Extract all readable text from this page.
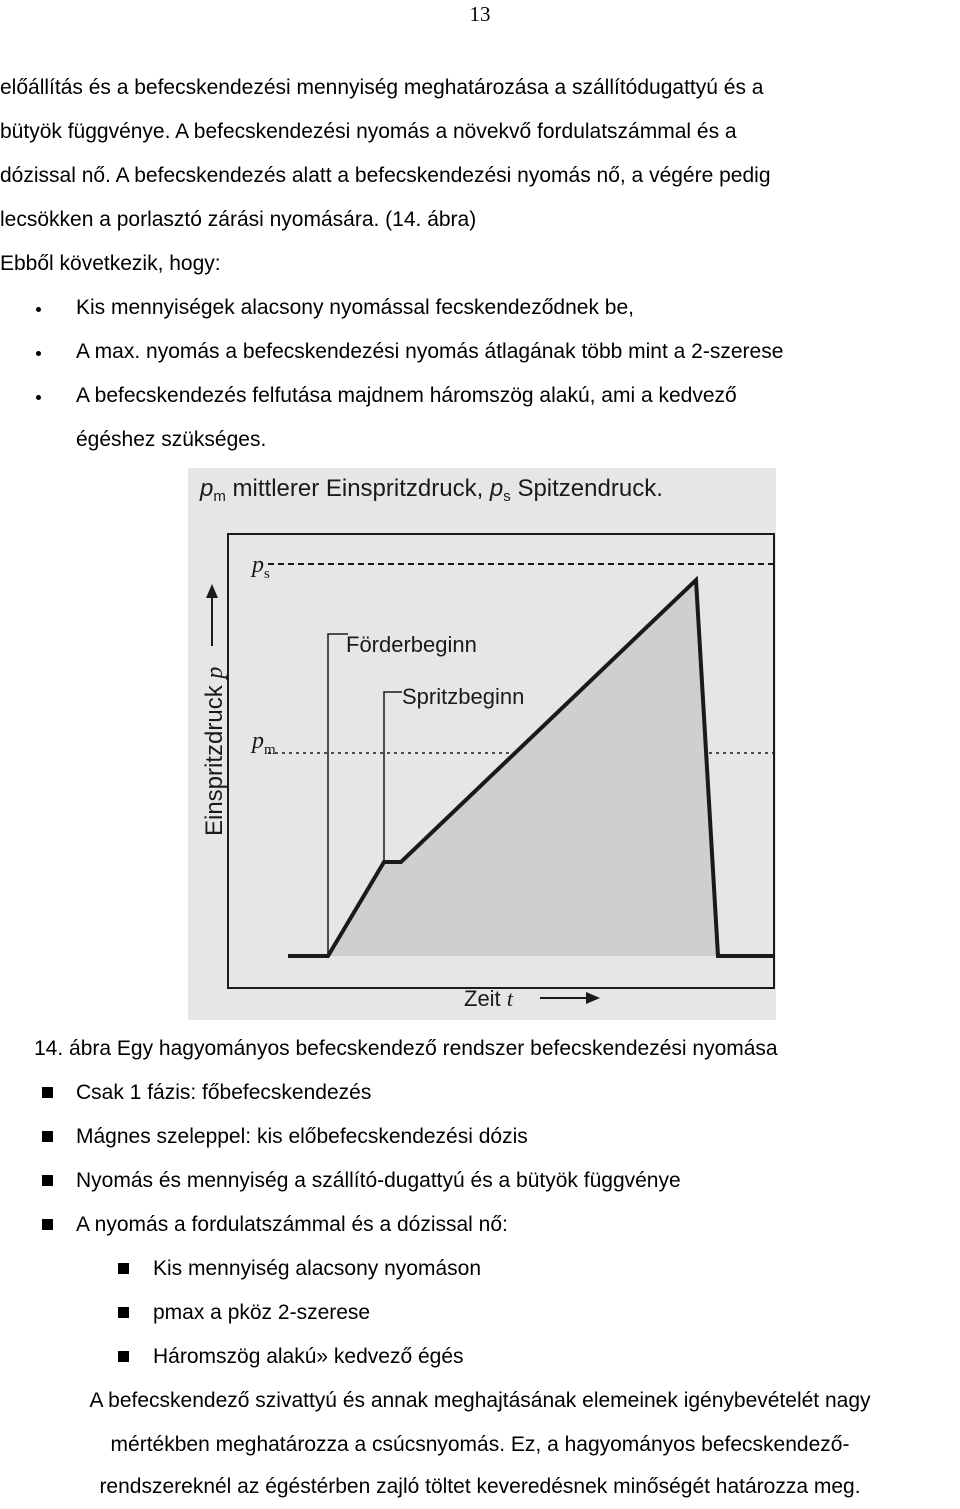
13
előállítás és a befecskendezési mennyiség meghatározása a szállítódugattyú és a
bütyök függvénye. A befecskendezési nyomás a növekvő fordulatszámmal és a
dózissal nő. A befecskendezés alatt a befecskendezési nyomás nő, a végére pedig
lecsökken a porlasztó zárási nyomására. (14. ábra)
Ebből következik, hogy:
Kis mennyiségek alacsony nyomással fecskendeződnek be,
A max. nyomás a befecskendezési nyomás átlagának több mint a 2-szerese
A befecskendezés felfutása majdnem háromszög alakú, ami a kedvező
égéshez szükséges.
$p_m$ mittlerer Einspritzdruck, $p_s$ Spitzendruck.
Förderbeginn
Spritzbeginn
$p_s$
$p_m$
Einspritzdruck p
Zeit t
14. ábra Egy hagyományos befecskendező rendszer befecskendezési nyomása
Csak 1 fázis: főbefecskendezés
Mágnes szeleppel: kis előbefecskendezési dózis
Nyomás és mennyiség a szállító-dugattyú és a bütyök függvénye
A nyomás a fordulatszámmal és a dózissal nő:
Kis mennyiség alacsony nyomáson
pmax a pköz 2-szerese
Háromszög alakú» kedvező égés
A befecskendező szivattyú és annak meghajtásának elemeinek igénybevételét nagy
mértékben meghatározza a csúcsnyomás. Ez, a hagyományos befecskendező-
rendszereknél az égéstérben zajló töltet keveredésnek minőségét határozza meg.
